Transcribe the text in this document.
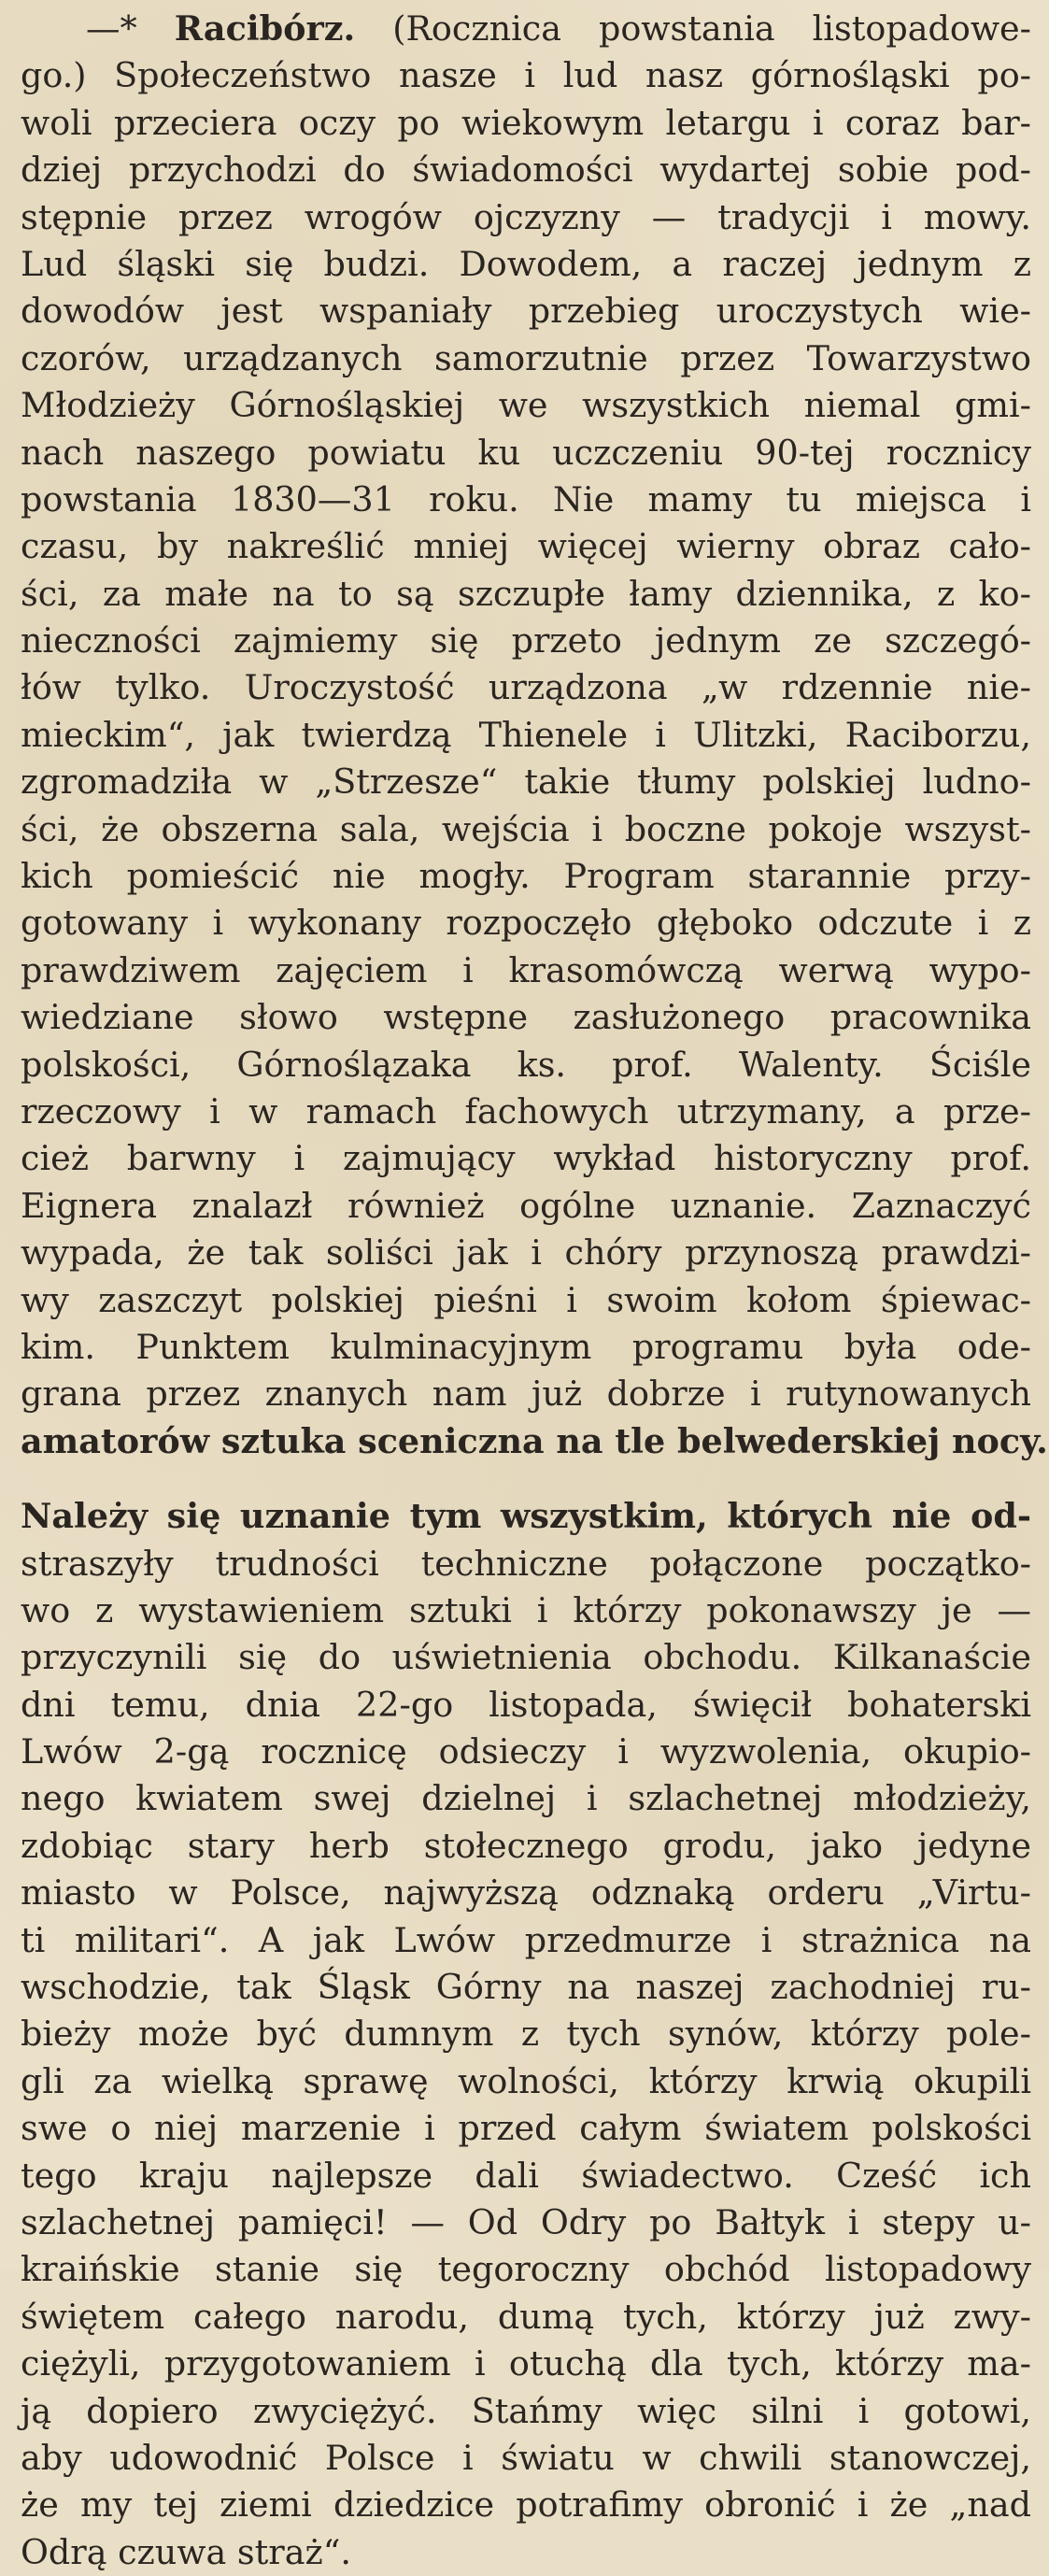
—* Racibórz. (Rocznica powstania listopadowe-
go.) Społeczeństwo nasze i lud nasz górnośląski po-
woli przeciera oczy po wiekowym letargu i coraz bar-
dziej przychodzi do świadomości wydartej sobie pod-
stępnie przez wrogów ojczyzny — tradycji i mowy.
Lud śląski się budzi. Dowodem, a raczej jednym z
dowodów jest wspaniały przebieg uroczystych wie-
czorów, urządzanych samorzutnie przez Towarzystwo
Młodzieży Górnośląskiej we wszystkich niemal gmi-
nach naszego powiatu ku uczczeniu 90-tej rocznicy
powstania 1830—31 roku. Nie mamy tu miejsca i
czasu, by nakreślić mniej więcej wierny obraz cało-
ści, za małe na to są szczupłe łamy dziennika, z ko-
nieczności zajmiemy się przeto jednym ze szczegó-
łów tylko. Uroczystość urządzona „w rdzennie nie-
mieckim“, jak twierdzą Thienele i Ulitzki, Raciborzu,
zgromadziła w „Strzesze“ takie tłumy polskiej ludno-
ści, że obszerna sala, wejścia i boczne pokoje wszyst-
kich pomieścić nie mogły. Program starannie przy-
gotowany i wykonany rozpoczęło głęboko odczute i z
prawdziwem zajęciem i krasomówczą werwą wypo-
wiedziane słowo wstępne zasłużonego pracownika
polskości, Górnoślązaka ks. prof. Walenty. Ściśle
rzeczowy i w ramach fachowych utrzymany, a prze-
cież barwny i zajmujący wykład historyczny prof.
Eignera znalazł również ogólne uznanie. Zaznaczyć
wypada, że tak soliści jak i chóry przynoszą prawdzi-
wy zaszczyt polskiej pieśni i swoim kołom śpiewac-
kim. Punktem kulminacyjnym programu była ode-
grana przez znanych nam już dobrze i rutynowanych
amatorów sztuka sceniczna na tle belwederskiej nocy.
Należy się uznanie tym wszystkim, których nie od-
straszyły trudności techniczne połączone początko-
wo z wystawieniem sztuki i którzy pokonawszy je —
przyczynili się do uświetnienia obchodu. Kilkanaście
dni temu, dnia 22-go listopada, święcił bohaterski
Lwów 2-gą rocznicę odsieczy i wyzwolenia, okupio-
nego kwiatem swej dzielnej i szlachetnej młodzieży,
zdobiąc stary herb stołecznego grodu, jako jedyne
miasto w Polsce, najwyższą odznaką orderu „Virtu-
ti militari“. A jak Lwów przedmurze i strażnica na
wschodzie, tak Śląsk Górny na naszej zachodniej ru-
bieży może być dumnym z tych synów, którzy pole-
gli za wielką sprawę wolności, którzy krwią okupili
swe o niej marzenie i przed całym światem polskości
tego kraju najlepsze dali świadectwo. Cześć ich
szlachetnej pamięci! — Od Odry po Bałtyk i stepy u-
kraińskie stanie się tegoroczny obchód listopadowy
świętem całego narodu, dumą tych, którzy już zwy-
ciężyli, przygotowaniem i otuchą dla tych, którzy ma-
ją dopiero zwyciężyć. Stańmy więc silni i gotowi,
aby udowodnić Polsce i światu w chwili stanowczej,
że my tej ziemi dziedzice potrafimy obronić i że „nad
Odrą czuwa straż“.
